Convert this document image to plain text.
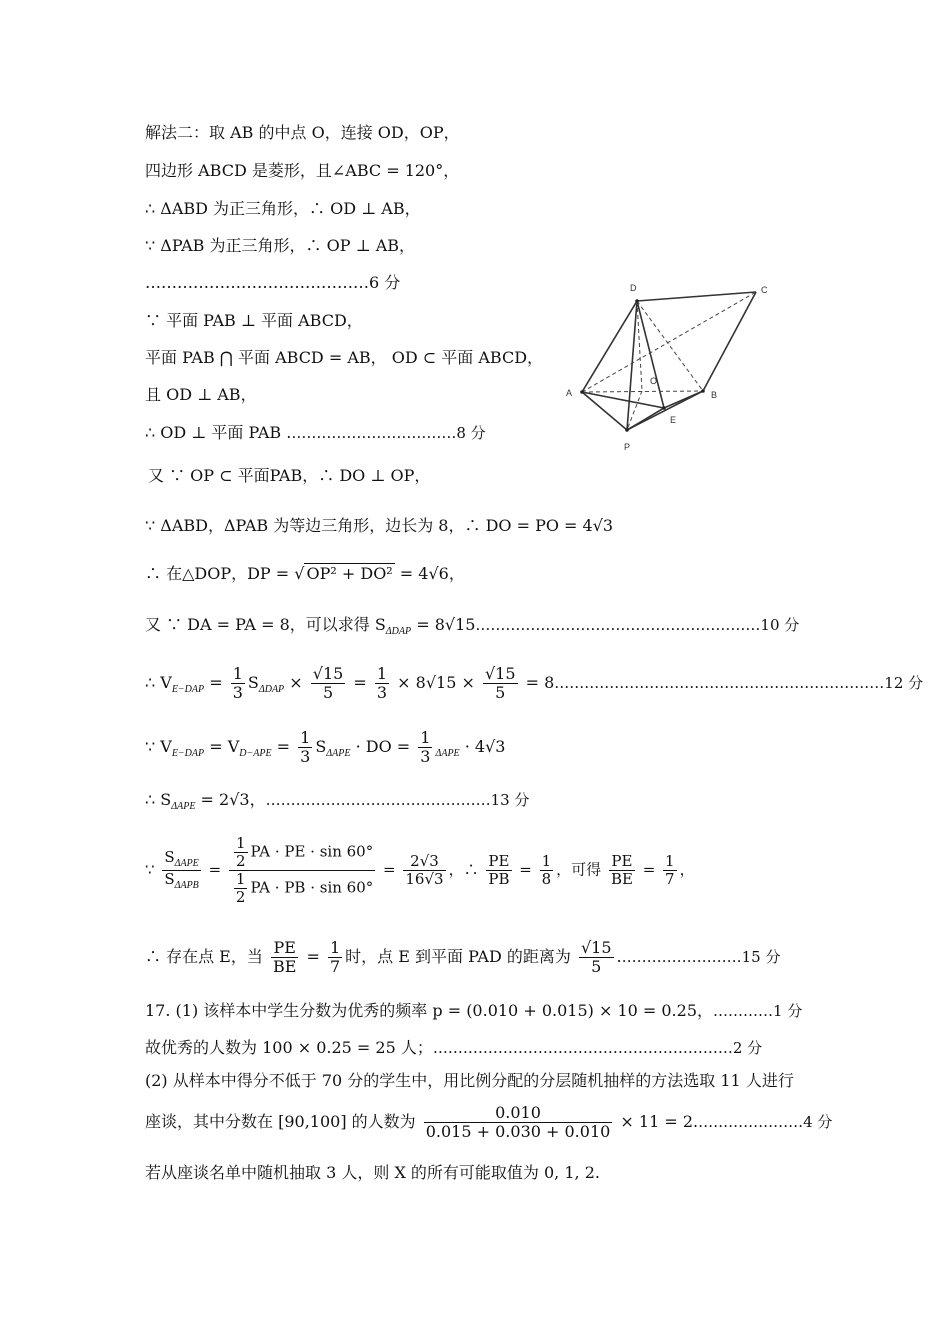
解法二：取 AB 的中点 O，连接 OD，OP，
四边形 ABCD 是菱形，且∠ABC = 120°，
∴ ΔABD 为正三角形，∴ OD ⊥ AB，
∵ ΔPAB 为正三角形，∴ OP ⊥ AB，
……………………………………6 分
∵ 平面 PAB ⊥ 平面 ABCD，
平面 PAB ⋂ 平面 ABCD = AB， OD ⊂ 平面 ABCD，
且 OD ⊥ AB，
∴ OD ⊥ 平面 PAB .……………………………8 分
D	C
A	B
O
E
P
又 ∵ OP ⊂ 平面PAB，∴ DO ⊥ OP，
∵ ΔABD，ΔPAB 为等边三角形，边长为 8，∴ DO = PO = 4√3
∴ 在△DOP，DP = √ OP² + DO² = 4√6，
又 ∵ DA = PA = 8，可以求得 $S_{\Delta DAP}$ = 8√15…………………………………………………10 分
∴ $V_{E-DAP} = \frac{1}{3} S_{\Delta DAP} \times \frac{√15}{5} = \frac{1}{3} \times 8√15 \times \frac{√15}{5}$ = 8…………………………………………………………12 分
∵ $V_{E-DAP} = V_{D-APE} = \frac{1}{3} S_{\Delta APE}$ · DO = $\frac{1}{3} _{\Delta APE} \cdot 4√3$
∴ $S_{\Delta APE} = 2√3$，………………………………………13 分
∵ $\frac{S_{\Delta APE}}{S_{\Delta APB}} = \frac{\frac{1}{2} PA \cdot PE \cdot \sin 60^\circ}{\frac{1}{2} PA \cdot PB \cdot \sin 60^\circ} = \frac{2√3}{16√3}$ ，∴ $\frac{PE}{PB} = \frac{1}{8}$ ，可得 $\frac{PE}{BE} = \frac{1}{7}$ ，
∴ 存在点 E，当 $\frac{PE}{BE} = \frac{1}{7}$ 时，点 E 到平面 PAD 的距离为 $\frac{√15}{5}$ .……………………15 分
17. (1) 该样本中学生分数为优秀的频率 p = (0.010 + 0.015) × 10 = 0.25，…………1 分
故优秀的人数为 100 × 0.25 = 25 人；……………………………………………………2 分
(2) 从样本中得分不低于 70 分的学生中，用比例分配的分层随机抽样的方法选取 11 人进行
座谈，其中分数在 [90,100] 的人数为 $\frac{0.010}{0.015 + 0.030 + 0.010} \times 11$ = 2.…………………4 分
若从座谈名单中随机抽取 3 人，则 X 的所有可能取值为 0, 1, 2.
